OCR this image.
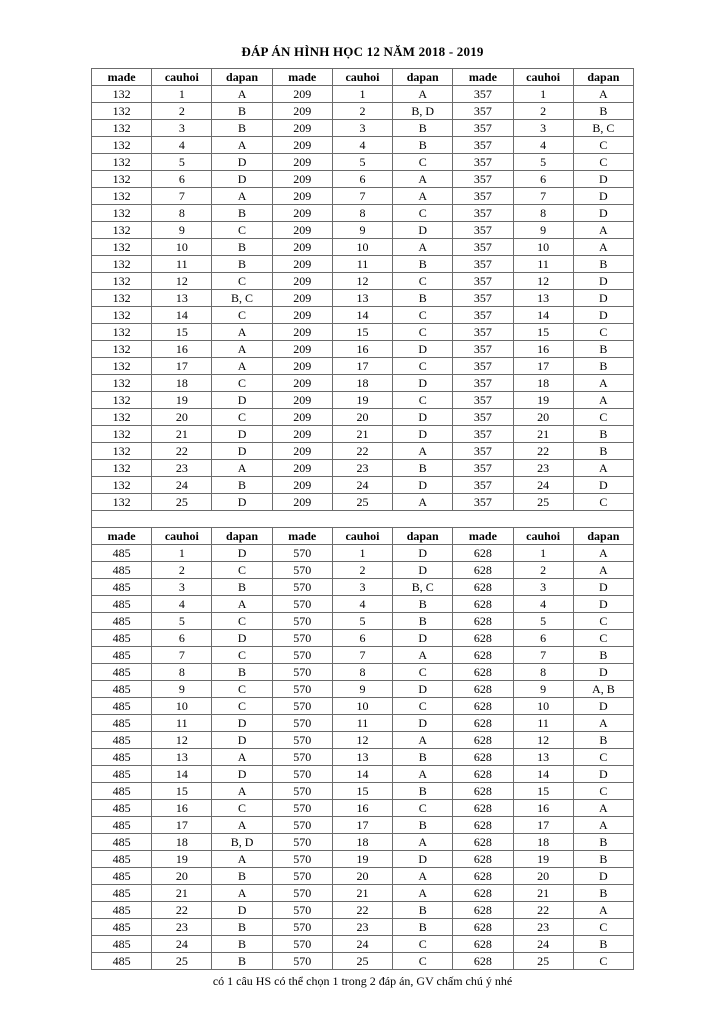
ĐÁP ÁN HÌNH HỌC 12 NĂM 2018 - 2019
made	cauhoi	dapan	made	cauhoi	dapan	made	cauhoi	dapan
132	1	A	209	1	A	357	1	A
132	2	B	209	2	B, D	357	2	B
132	3	B	209	3	B	357	3	B, C
132	4	A	209	4	B	357	4	C
132	5	D	209	5	C	357	5	C
132	6	D	209	6	A	357	6	D
132	7	A	209	7	A	357	7	D
132	8	B	209	8	C	357	8	D
132	9	C	209	9	D	357	9	A
132	10	B	209	10	A	357	10	A
132	11	B	209	11	B	357	11	B
132	12	C	209	12	C	357	12	D
132	13	B, C	209	13	B	357	13	D
132	14	C	209	14	C	357	14	D
132	15	A	209	15	C	357	15	C
132	16	A	209	16	D	357	16	B
132	17	A	209	17	C	357	17	B
132	18	C	209	18	D	357	18	A
132	19	D	209	19	C	357	19	A
132	20	C	209	20	D	357	20	C
132	21	D	209	21	D	357	21	B
132	22	D	209	22	A	357	22	B
132	23	A	209	23	B	357	23	A
132	24	B	209	24	D	357	24	D
132	25	D	209	25	A	357	25	C

made	cauhoi	dapan	made	cauhoi	dapan	made	cauhoi	dapan
485	1	D	570	1	D	628	1	A
485	2	C	570	2	D	628	2	A
485	3	B	570	3	B, C	628	3	D
485	4	A	570	4	B	628	4	D
485	5	C	570	5	B	628	5	C
485	6	D	570	6	D	628	6	C
485	7	C	570	7	A	628	7	B
485	8	B	570	8	C	628	8	D
485	9	C	570	9	D	628	9	A, B
485	10	C	570	10	C	628	10	D
485	11	D	570	11	D	628	11	A
485	12	D	570	12	A	628	12	B
485	13	A	570	13	B	628	13	C
485	14	D	570	14	A	628	14	D
485	15	A	570	15	B	628	15	C
485	16	C	570	16	C	628	16	A
485	17	A	570	17	B	628	17	A
485	18	B, D	570	18	A	628	18	B
485	19	A	570	19	D	628	19	B
485	20	B	570	20	A	628	20	D
485	21	A	570	21	A	628	21	B
485	22	D	570	22	B	628	22	A
485	23	B	570	23	B	628	23	C
485	24	B	570	24	C	628	24	B
485	25	B	570	25	C	628	25	C
có 1 câu HS có thể chọn 1 trong 2 đáp án, GV chấm chú ý nhé
